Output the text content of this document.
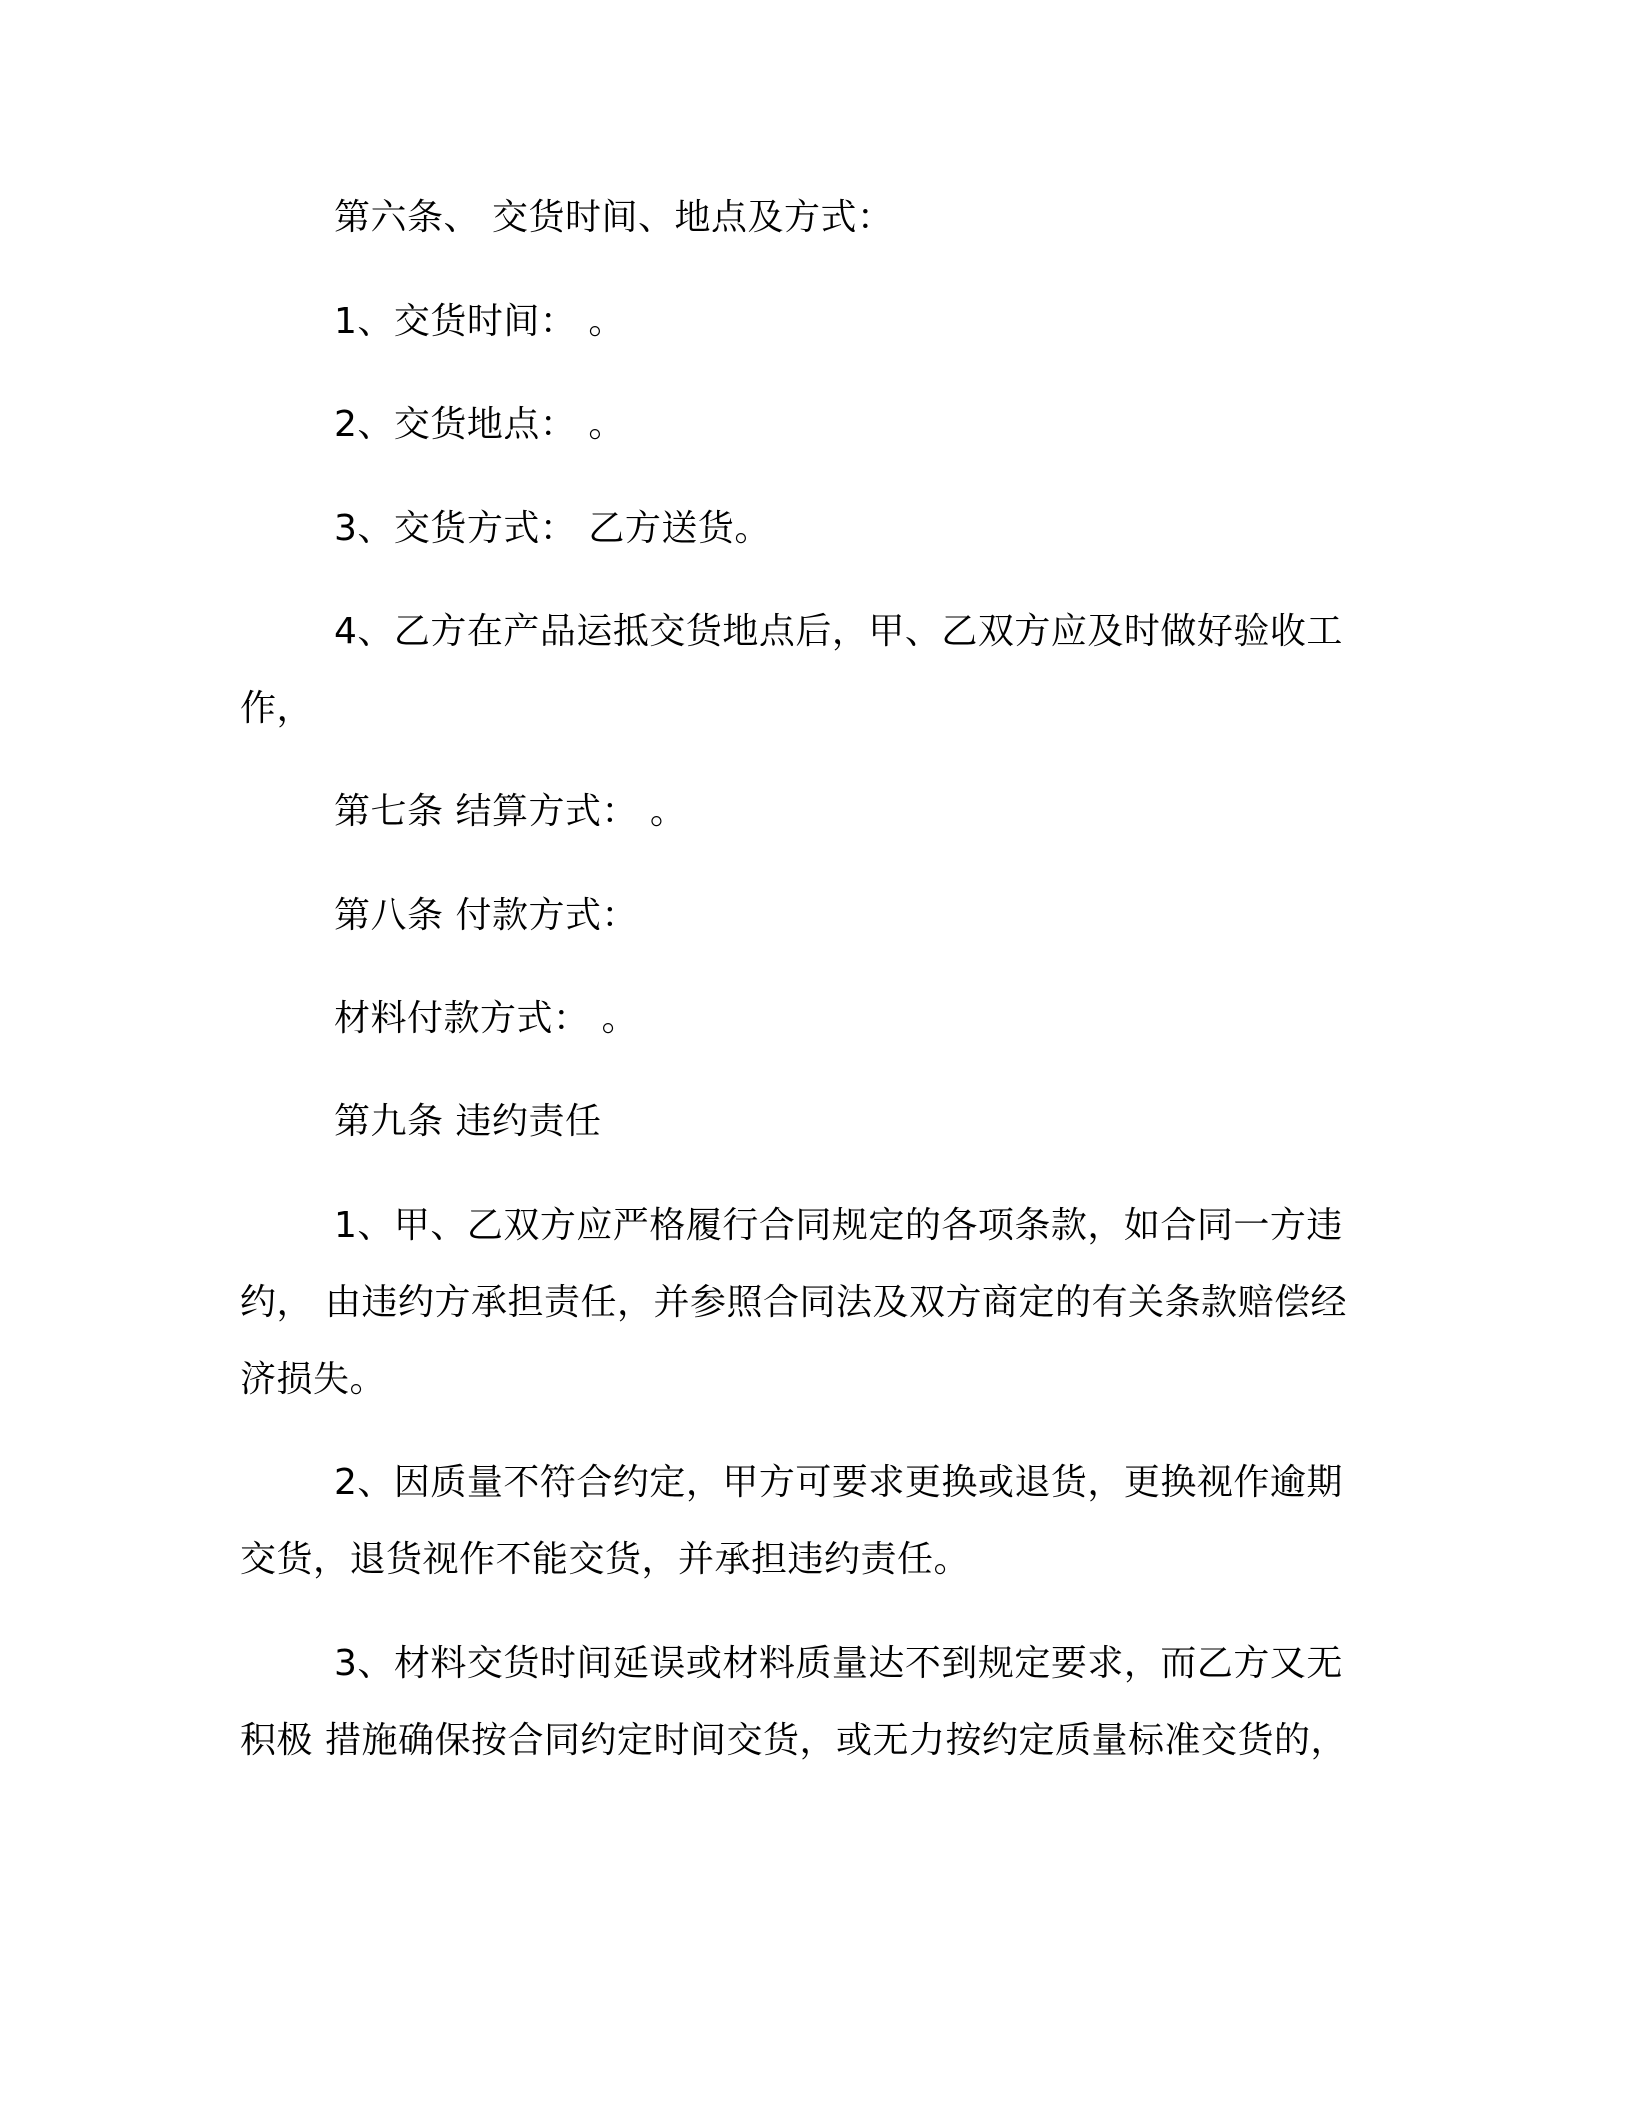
第六条、 交货时间、地点及方式：
1、交货时间： 。
2、交货地点： 。
3、交货方式： 乙方送货。
4、乙方在产品运抵交货地点后，甲、乙双方应及时做好验收工
作，
第七条 结算方式： 。
第八条 付款方式：
材料付款方式： 。
第九条 违约责任
1、甲、乙双方应严格履行合同规定的各项条款，如合同一方违
约， 由违约方承担责任，并参照合同法及双方商定的有关条款赔偿经
济损失。
2、因质量不符合约定，甲方可要求更换或退货，更换视作逾期
交货，退货视作不能交货，并承担违约责任。
3、材料交货时间延误或材料质量达不到规定要求，而乙方又无
积极 措施确保按合同约定时间交货，或无力按约定质量标准交货的，
